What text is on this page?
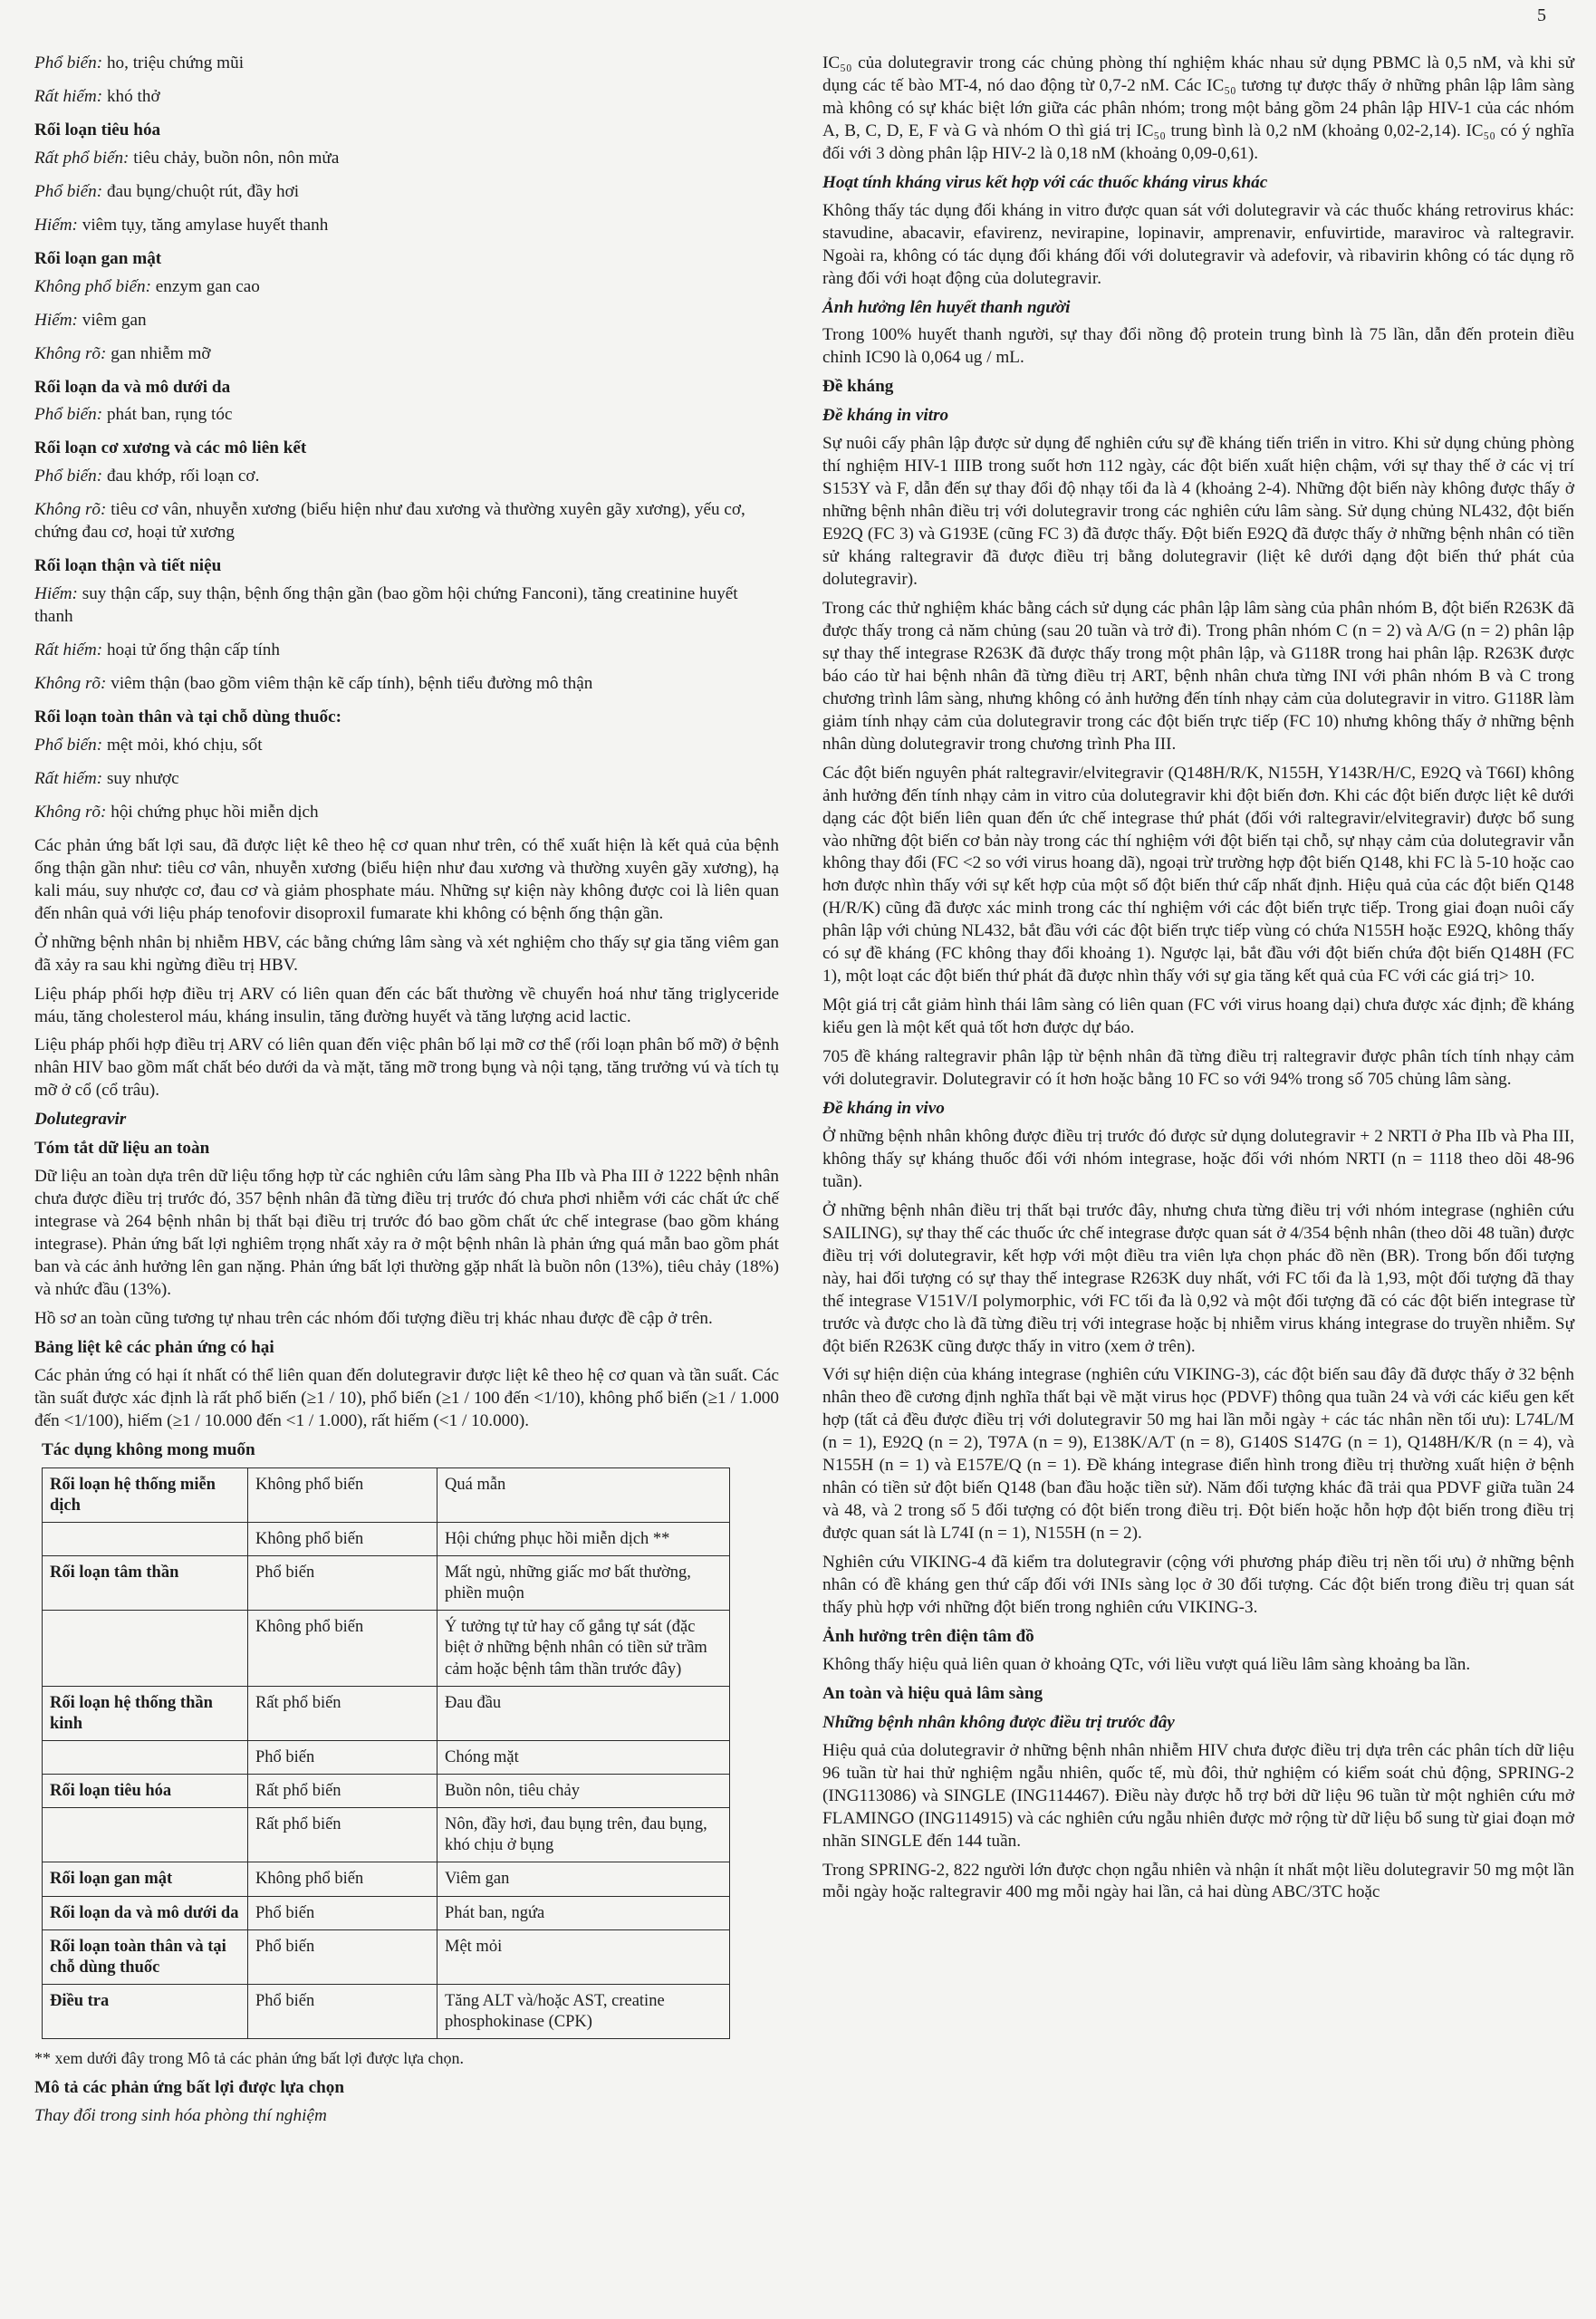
5
Phổ biến: ho, triệu chứng mũi
Rất hiếm: khó thở
Rối loạn tiêu hóa
Rất phổ biến: tiêu chảy, buồn nôn, nôn mửa
Phổ biến: đau bụng/chuột rút, đầy hơi
Hiếm: viêm tụy, tăng amylase huyết thanh
Rối loạn gan mật
Không phổ biến: enzym gan cao
Hiếm: viêm gan
Không rõ: gan nhiễm mỡ
Rối loạn da và mô dưới da
Phổ biến: phát ban, rụng tóc
Rối loạn cơ xương và các mô liên kết
Phổ biến: đau khớp, rối loạn cơ.
Không rõ: tiêu cơ vân, nhuyễn xương (biểu hiện như đau xương và thường xuyên gãy xương), yếu cơ, chứng đau cơ, hoại tử xương
Rối loạn thận và tiết niệu
Hiếm: suy thận cấp, suy thận, bệnh ống thận gần (bao gồm hội chứng Fanconi), tăng creatinine huyết thanh
Rất hiếm: hoại tử ống thận cấp tính
Không rõ: viêm thận (bao gồm viêm thận kẽ cấp tính), bệnh tiểu đường mô thận
Rối loạn toàn thân và tại chỗ dùng thuốc:
Phổ biến: mệt mỏi, khó chịu, sốt
Rất hiếm: suy nhược
Không rõ: hội chứng phục hồi miễn dịch

Các phản ứng bất lợi sau, đã được liệt kê theo hệ cơ quan như trên, có thể xuất hiện là kết quả của bệnh ống thận gần như: tiêu cơ vân, nhuyễn xương (biểu hiện như đau xương và thường xuyên gãy xương), hạ kali máu, suy nhược cơ, đau cơ và giảm phosphate máu. Những sự kiện này không được coi là liên quan đến nhân quả với liệu pháp tenofovir disoproxil fumarate khi không có bệnh ống thận gần.

Ở những bệnh nhân bị nhiễm HBV, các bằng chứng lâm sàng và xét nghiệm cho thấy sự gia tăng viêm gan đã xảy ra sau khi ngừng điều trị HBV.

Liệu pháp phối hợp điều trị ARV có liên quan đến các bất thường về chuyển hoá như tăng triglyceride máu, tăng cholesterol máu, kháng insulin, tăng đường huyết và tăng lượng acid lactic.

Liệu pháp phối hợp điều trị ARV có liên quan đến việc phân bố lại mỡ cơ thể (rối loạn phân bố mỡ) ở bệnh nhân HIV bao gồm mất chất béo dưới da và mặt, tăng mỡ trong bụng và nội tạng, tăng trưởng vú và tích tụ mỡ ở cổ (cổ trâu).

Dolutegravir
Tóm tắt dữ liệu an toàn

Dữ liệu an toàn dựa trên dữ liệu tổng hợp từ các nghiên cứu lâm sàng Pha IIb và Pha III ở 1222 bệnh nhân chưa được điều trị trước đó, 357 bệnh nhân đã từng điều trị trước đó chưa phơi nhiễm với các chất ức chế integrase và 264 bệnh nhân bị thất bại điều trị trước đó bao gồm chất ức chế integrase (bao gồm kháng integrase). Phản ứng bất lợi nghiêm trọng nhất xảy ra ở một bệnh nhân là phản ứng quá mẫn bao gồm phát ban và các ảnh hưởng lên gan nặng. Phản ứng bất lợi thường gặp nhất là buồn nôn (13%), tiêu chảy (18%) và nhức đầu (13%).

Hồ sơ an toàn cũng tương tự nhau trên các nhóm đối tượng điều trị khác nhau được đề cập ở trên.

Bảng liệt kê các phản ứng có hại

Các phản ứng có hại ít nhất có thể liên quan đến dolutegravir được liệt kê theo hệ cơ quan và tần suất. Các tần suất được xác định là rất phổ biến (≥1 / 10), phổ biến (≥1 / 100 đến <1/10), không phổ biến (≥1 / 1.000 đến <1/100), hiếm (≥1 / 10.000 đến <1 / 1.000), rất hiếm (<1 / 10.000).

Tác dụng không mong muốn
Rối loạn hệ thống miễn dịch	Không phổ biến	Quá mẫn
	Không phổ biến	Hội chứng phục hồi miễn dịch **
Rối loạn tâm thần	Phổ biến	Mất ngủ, những giấc mơ bất thường, phiền muộn
	Không phổ biến	Ý tưởng tự tử hay cố gắng tự sát (đặc biệt ở những bệnh nhân có tiền sử trầm cảm hoặc bệnh tâm thần trước đây)
Rối loạn hệ thống thần kinh	Rất phổ biến	Đau đầu
	Phổ biến	Chóng mặt
Rối loạn tiêu hóa	Rất phổ biến	Buồn nôn, tiêu chảy
	Rất phổ biến	Nôn, đầy hơi, đau bụng trên, đau bụng, khó chịu ở bụng
Rối loạn gan mật	Không phổ biến	Viêm gan
Rối loạn da và mô dưới da	Phổ biến	Phát ban, ngứa
Rối loạn toàn thân và tại chỗ dùng thuốc	Phổ biến	Mệt mỏi
Điều tra	Phổ biến	Tăng ALT và/hoặc AST, creatine phosphokinase (CPK)
** xem dưới đây trong Mô tả các phản ứng bất lợi được lựa chọn.
Mô tả các phản ứng bất lợi được lựa chọn
Thay đổi trong sinh hóa phòng thí nghiệm

IC₅₀ của dolutegravir trong các chủng phòng thí nghiệm khác nhau sử dụng PBMC là 0,5 nM, và khi sử dụng các tế bào MT-4, nó dao động từ 0,7-2 nM. Các IC₅₀ tương tự được thấy ở những phân lập lâm sàng mà không có sự khác biệt lớn giữa các phân nhóm; trong một bảng gồm 24 phân lập HIV-1 của các nhóm A, B, C, D, E, F và G và nhóm O thì giá trị IC₅₀ trung bình là 0,2 nM (khoảng 0,02-2,14). IC₅₀ có ý nghĩa đối với 3 dòng phân lập HIV-2 là 0,18 nM (khoảng 0,09-0,61).

Hoạt tính kháng virus kết hợp với các thuốc kháng virus khác

Không thấy tác dụng đối kháng in vitro được quan sát với dolutegravir và các thuốc kháng retrovirus khác: stavudine, abacavir, efavirenz, nevirapine, lopinavir, amprenavir, enfuvirtide, maraviroc và raltegravir. Ngoài ra, không có tác dụng đối kháng đối với dolutegravir và adefovir, và ribavirin không có tác dụng rõ ràng đối với hoạt động của dolutegravir.

Ảnh hưởng lên huyết thanh người

Trong 100% huyết thanh người, sự thay đổi nồng độ protein trung bình là 75 lần, dẫn đến protein điều chỉnh IC90 là 0,064 ug / mL.

Đề kháng
Đề kháng in vitro

Sự nuôi cấy phân lập được sử dụng để nghiên cứu sự đề kháng tiến triển in vitro. Khi sử dụng chủng phòng thí nghiệm HIV-1 IIIB trong suốt hơn 112 ngày, các đột biến xuất hiện chậm, với sự thay thế ở các vị trí S153Y và F, dẫn đến sự thay đổi độ nhạy tối đa là 4 (khoảng 2-4). Những đột biến này không được thấy ở những bệnh nhân điều trị với dolutegravir trong các nghiên cứu lâm sàng. Sử dụng chủng NL432, đột biến E92Q (FC 3) và G193E (cũng FC 3) đã được thấy. Đột biến E92Q đã được thấy ở những bệnh nhân có tiền sử kháng raltegravir đã được điều trị bằng dolutegravir (liệt kê dưới dạng đột biến thứ phát của dolutegravir).

Trong các thử nghiệm khác bằng cách sử dụng các phân lập lâm sàng của phân nhóm B, đột biến R263K đã được thấy trong cả năm chủng (sau 20 tuần và trở đi). Trong phân nhóm C (n = 2) và A/G (n = 2) phân lập sự thay thế integrase R263K đã được thấy trong một phân lập, và G118R trong hai phân lập. R263K được báo cáo từ hai bệnh nhân đã từng điều trị ART, bệnh nhân chưa từng INI với phân nhóm B và C trong chương trình lâm sàng, nhưng không có ảnh hưởng đến tính nhạy cảm của dolutegravir in vitro. G118R làm giảm tính nhạy cảm của dolutegravir trong các đột biến trực tiếp (FC 10) nhưng không thấy ở những bệnh nhân dùng dolutegravir trong chương trình Pha III.

Các đột biến nguyên phát raltegravir/elvitegravir (Q148H/R/K, N155H, Y143R/H/C, E92Q và T66I) không ảnh hưởng đến tính nhạy cảm in vitro của dolutegravir khi đột biến đơn. Khi các đột biến được liệt kê dưới dạng các đột biến liên quan đến ức chế integrase thứ phát (đối với raltegravir/elvitegravir) được bổ sung vào những đột biến cơ bản này trong các thí nghiệm với đột biến tại chỗ, sự nhạy cảm của dolutegravir vẫn không thay đổi (FC <2 so với virus hoang dã), ngoại trừ trường hợp đột biến Q148, khi FC là 5-10 hoặc cao hơn được nhìn thấy với sự kết hợp của một số đột biến thứ cấp nhất định. Hiệu quả của các đột biến Q148 (H/R/K) cũng đã được xác minh trong các thí nghiệm với các đột biến trực tiếp. Trong giai đoạn nuôi cấy phân lập với chủng NL432, bắt đầu với các đột biến trực tiếp vùng có chứa N155H hoặc E92Q, không thấy có sự đề kháng (FC không thay đổi khoảng 1). Ngược lại, bắt đầu với đột biến chứa đột biến Q148H (FC 1), một loạt các đột biến thứ phát đã được nhìn thấy với sự gia tăng kết quả của FC với các giá trị> 10.

Một giá trị cắt giảm hình thái lâm sàng có liên quan (FC với virus hoang dại) chưa được xác định; đề kháng kiểu gen là một kết quả tốt hơn được dự báo.

705 đề kháng raltegravir phân lập từ bệnh nhân đã từng điều trị raltegravir được phân tích tính nhạy cảm với dolutegravir. Dolutegravir có ít hơn hoặc bằng 10 FC so với 94% trong số 705 chủng lâm sàng.

Đề kháng in vivo

Ở những bệnh nhân không được điều trị trước đó được sử dụng dolutegravir + 2 NRTI ở Pha IIb và Pha III, không thấy sự kháng thuốc đối với nhóm integrase, hoặc đối với nhóm NRTI (n = 1118 theo dõi 48-96 tuần).

Ở những bệnh nhân điều trị thất bại trước đây, nhưng chưa từng điều trị với nhóm integrase (nghiên cứu SAILING), sự thay thế các thuốc ức chế integrase được quan sát ở 4/354 bệnh nhân (theo dõi 48 tuần) được điều trị với dolutegravir, kết hợp với một điều tra viên lựa chọn phác đồ nền (BR). Trong bốn đối tượng này, hai đối tượng có sự thay thế integrase R263K duy nhất, với FC tối đa là 1,93, một đối tượng đã thay thế integrase V151V/I polymorphic, với FC tối đa là 0,92 và một đối tượng đã có các đột biến integrase từ trước và được cho là đã từng điều trị với integrase hoặc bị nhiễm virus kháng integrase do truyền nhiễm. Sự đột biến R263K cũng được thấy in vitro (xem ở trên).

Với sự hiện diện của kháng integrase (nghiên cứu VIKING-3), các đột biến sau đây đã được thấy ở 32 bệnh nhân theo đề cương định nghĩa thất bại về mặt virus học (PDVF) thông qua tuần 24 và với các kiểu gen kết hợp (tất cả đều được điều trị với dolutegravir 50 mg hai lần mỗi ngày + các tác nhân nền tối ưu): L74L/M (n = 1), E92Q (n = 2), T97A (n = 9), E138K/A/T (n = 8), G140S S147G (n = 1), Q148H/K/R (n = 4), và N155H (n = 1) và E157E/Q (n = 1). Đề kháng integrase điển hình trong điều trị thường xuất hiện ở bệnh nhân có tiền sử đột biến Q148 (ban đầu hoặc tiền sử). Năm đối tượng khác đã trải qua PDVF giữa tuần 24 và 48, và 2 trong số 5 đối tượng có đột biến trong điều trị. Đột biến hoặc hỗn hợp đột biến trong điều trị được quan sát là L74I (n = 1), N155H (n = 2).

Nghiên cứu VIKING-4 đã kiểm tra dolutegravir (cộng với phương pháp điều trị nền tối ưu) ở những bệnh nhân có đề kháng gen thứ cấp đối với INIs sàng lọc ở 30 đối tượng. Các đột biến trong điều trị quan sát thấy phù hợp với những đột biến trong nghiên cứu VIKING-3.

Ảnh hưởng trên điện tâm đồ

Không thấy hiệu quả liên quan ở khoảng QTc, với liều vượt quá liều lâm sàng khoảng ba lần.

An toàn và hiệu quả lâm sàng
Những bệnh nhân không được điều trị trước đây

Hiệu quả của dolutegravir ở những bệnh nhân nhiễm HIV chưa được điều trị dựa trên các phân tích dữ liệu 96 tuần từ hai thử nghiệm ngẫu nhiên, quốc tế, mù đôi, thử nghiệm có kiểm soát chủ động, SPRING-2 (ING113086) và SINGLE (ING114467). Điều này được hỗ trợ bởi dữ liệu 96 tuần từ một nghiên cứu mở FLAMINGO (ING114915) và các nghiên cứu ngẫu nhiên được mở rộng từ dữ liệu bổ sung từ giai đoạn mở nhãn SINGLE đến 144 tuần.

Trong SPRING-2, 822 người lớn được chọn ngẫu nhiên và nhận ít nhất một liều dolutegravir 50 mg một lần mỗi ngày hoặc raltegravir 400 mg mỗi ngày hai lần, cả hai dùng ABC/3TC hoặc
